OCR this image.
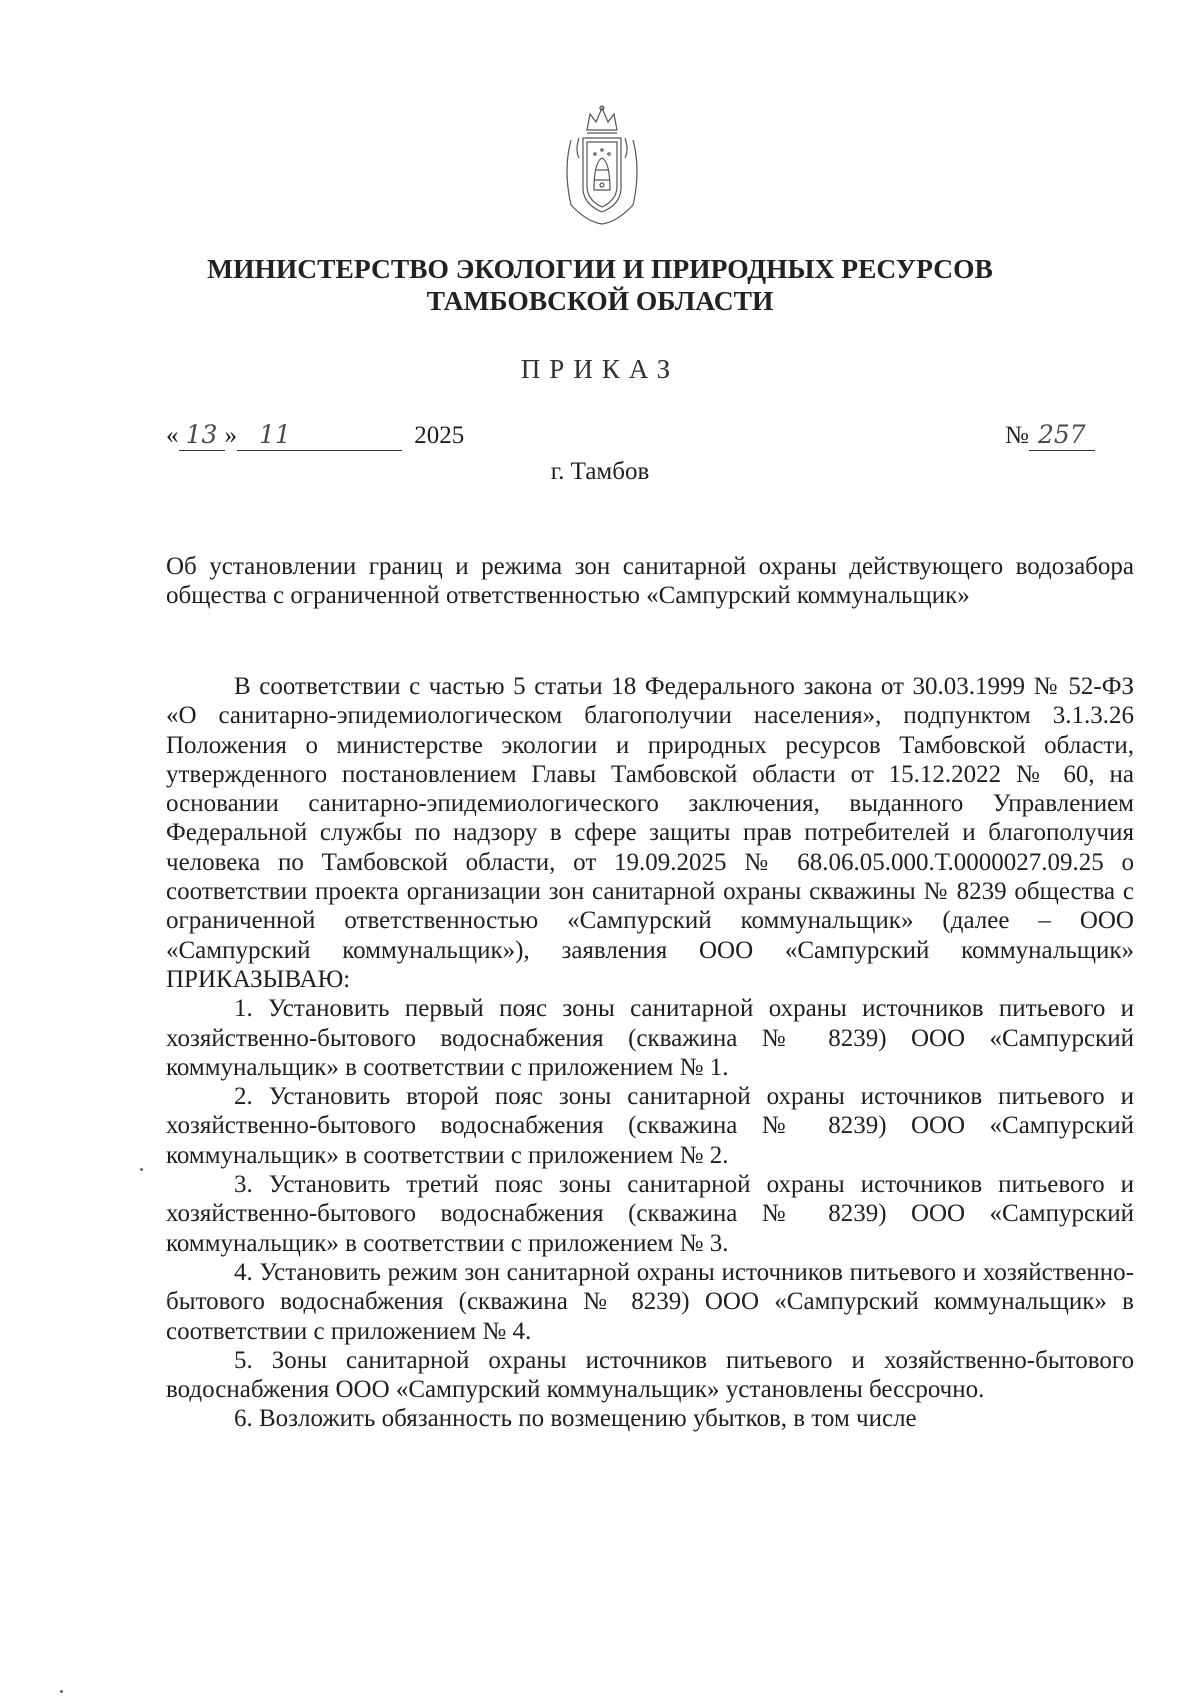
МИНИСТЕРСТВО ЭКОЛОГИИ И ПРИРОДНЫХ РЕСУРСОВ
ТАМБОВСКОЙ ОБЛАСТИ
ПРИКАЗ
« 13 » 11	2025	№ 257
г. Тамбов
Об установлении границ и режима зон санитарной охраны действующего водозабора общества с ограниченной ответственностью «Сампурский коммунальщик»

В соответствии с частью 5 статьи 18 Федерального закона от 30.03.1999 № 52-ФЗ «О санитарно-эпидемиологическом благополучии населения», подпунктом 3.1.3.26 Положения о министерстве экологии и природных ресурсов Тамбовской области, утвержденного постановлением Главы Тамбовской области от 15.12.2022 № 60, на основании санитарно-эпидемиологического заключения, выданного Управлением Федеральной службы по надзору в сфере защиты прав потребителей и благополучия человека по Тамбовской области, от 19.09.2025 № 68.06.05.000.Т.0000027.09.25 о соответствии проекта организации зон санитарной охраны скважины № 8239 общества с ограниченной ответственностью «Сампурский коммунальщик» (далее – ООО «Сампурский коммунальщик»), заявления ООО «Сампурский коммунальщик» ПРИКАЗЫВАЮ:

1. Установить первый пояс зоны санитарной охраны источников питьевого и хозяйственно-бытового водоснабжения (скважина № 8239) ООО «Сампурский коммунальщик» в соответствии с приложением № 1.

2. Установить второй пояс зоны санитарной охраны источников питьевого и хозяйственно-бытового водоснабжения (скважина № 8239) ООО «Сампурский коммунальщик» в соответствии с приложением № 2.

3. Установить третий пояс зоны санитарной охраны источников питьевого и хозяйственно-бытового водоснабжения (скважина № 8239) ООО «Сампурский коммунальщик» в соответствии с приложением № 3.

4. Установить режим зон санитарной охраны источников питьевого и хозяйственно-бытового водоснабжения (скважина № 8239) ООО «Сампурский коммунальщик» в соответствии с приложением № 4.

5. Зоны санитарной охраны источников питьевого и хозяйственно-бытового водоснабжения ООО «Сампурский коммунальщик» установлены бессрочно.

6. Возложить обязанность по возмещению убытков, в том числе
